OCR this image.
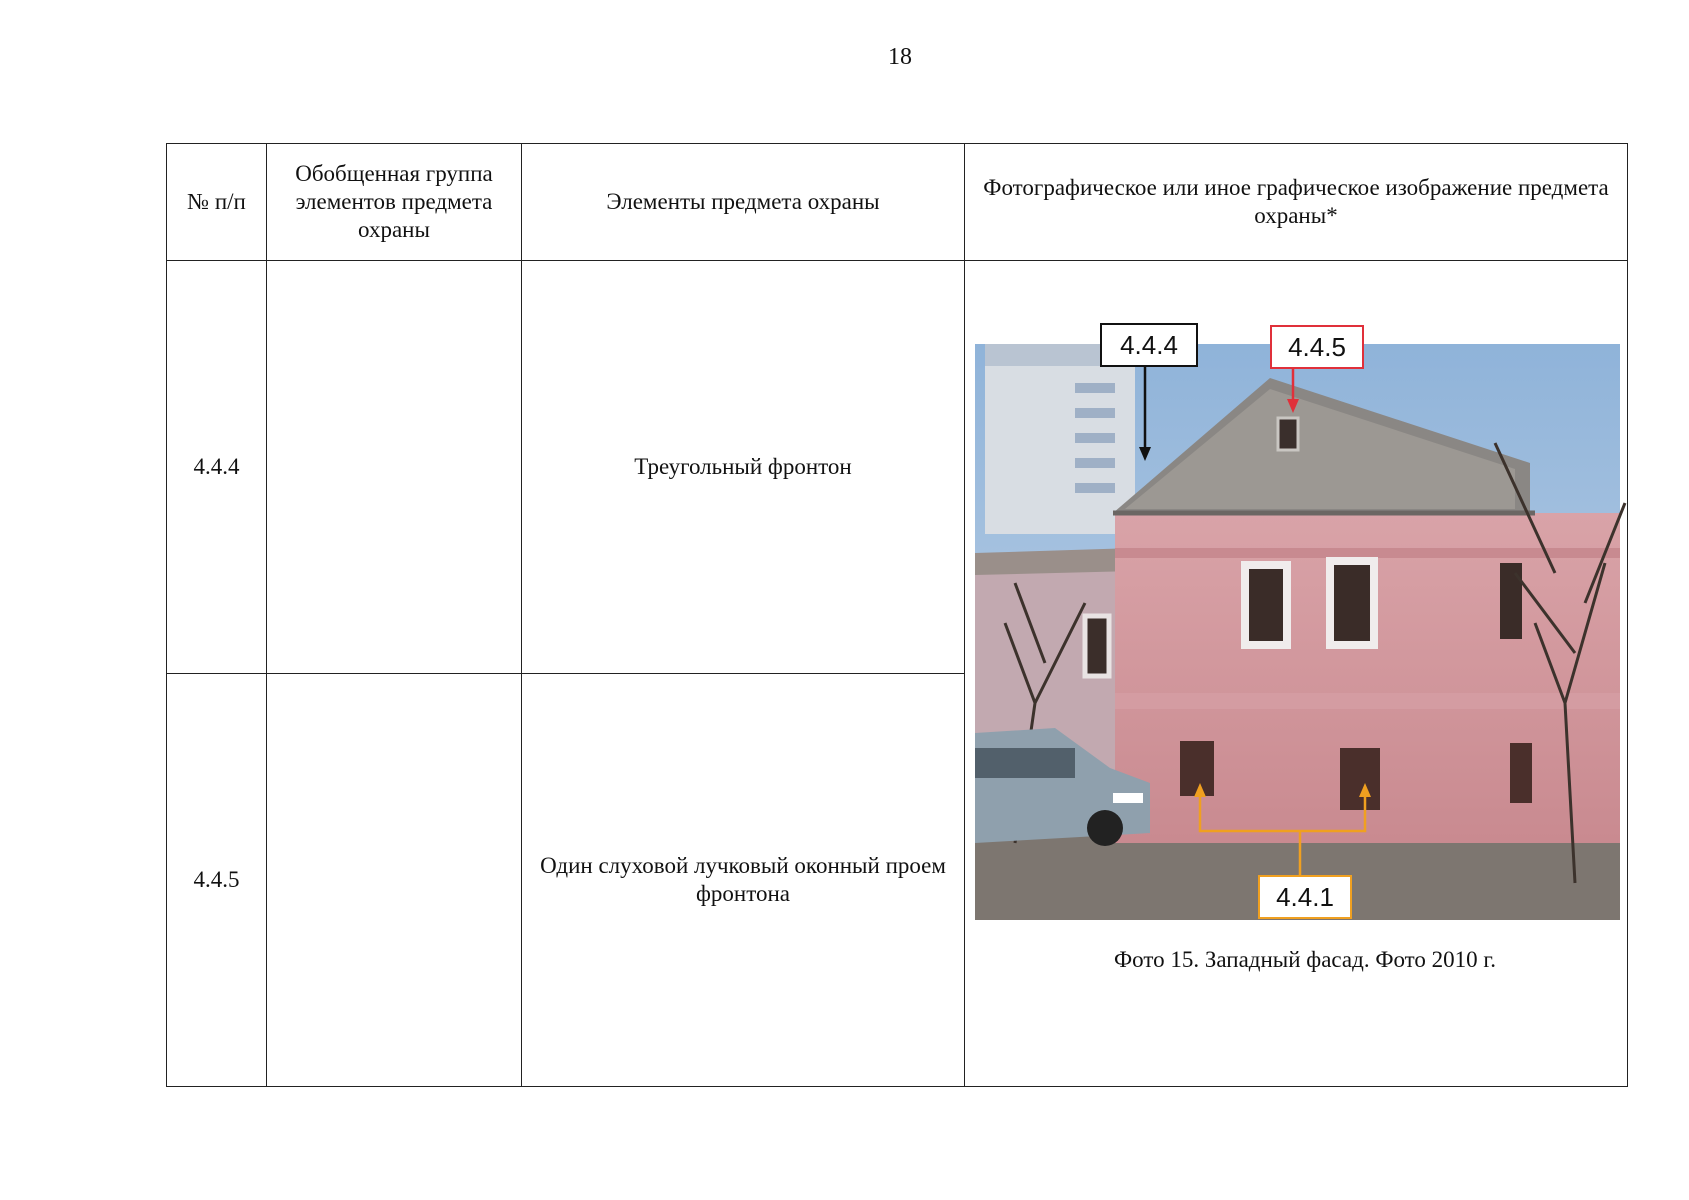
18
№ п/п	Обобщенная группа элементов предмета охраны	Элементы предмета охраны	Фотографическое или иное графическое изображение предмета охраны*
4.4.4		Треугольный фронтон	4.4.4 4.4.5
4.4.1
Фото 15. Западный фасад. Фото 2010 г.

4.4.5		Один слуховой лучковый оконный проем фронтона	
